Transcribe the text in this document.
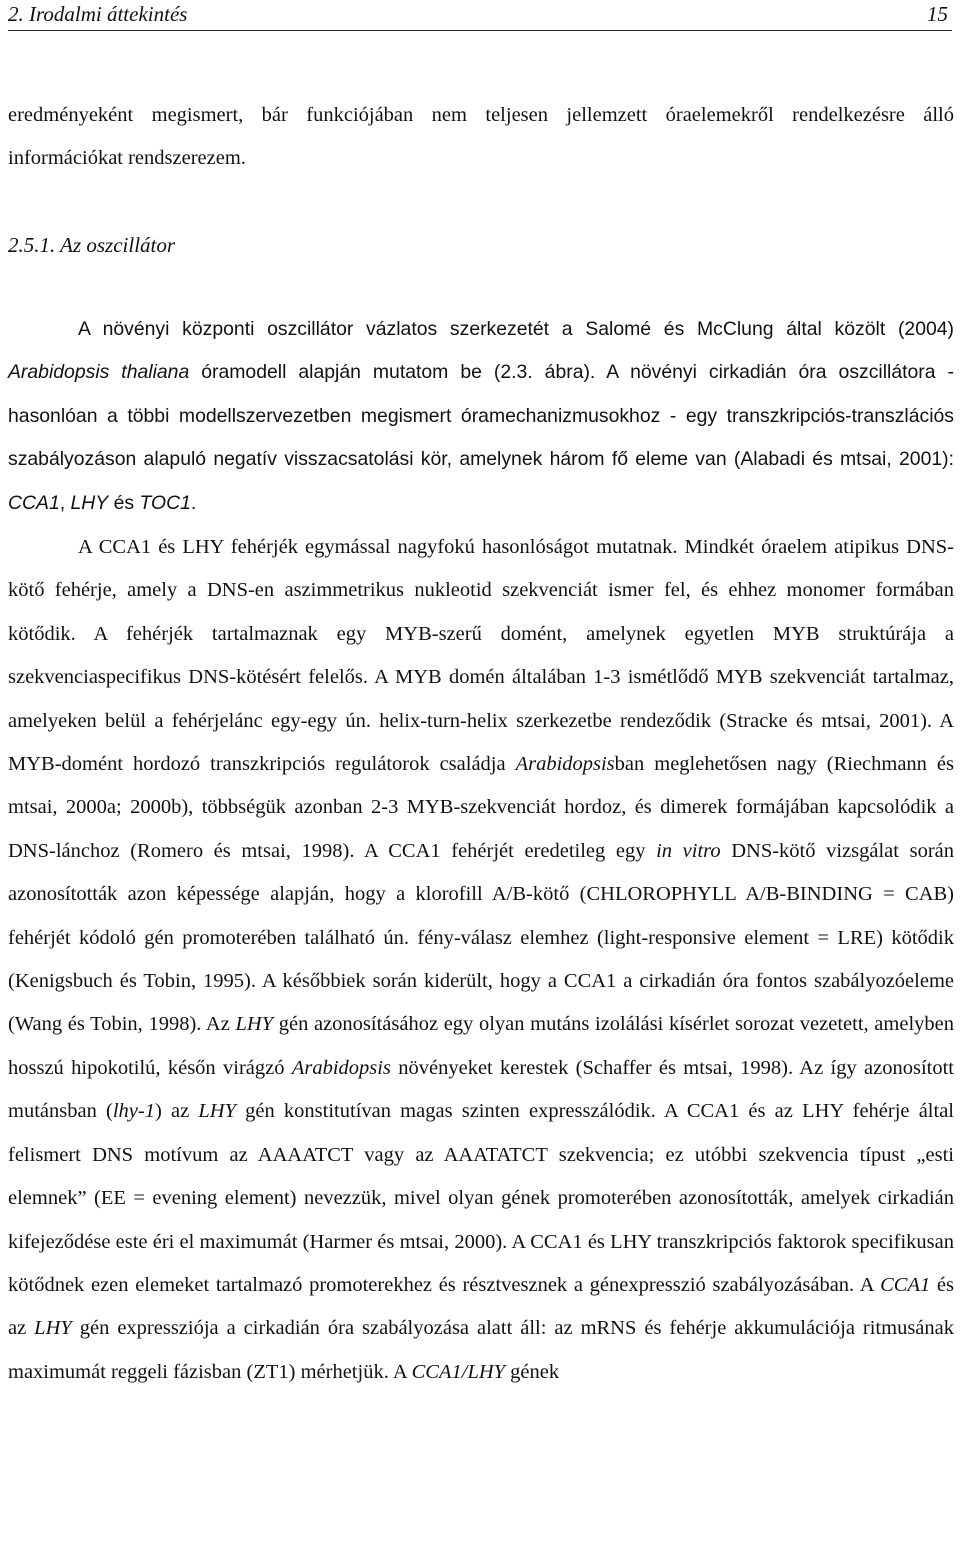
2. Irodalmi áttekintés	15
eredményeként megismert, bár funkciójában nem teljesen jellemzett óraelemekről rendelkezésre álló információkat rendszerezem.
2.5.1. Az oszcillátor
A növényi központi oszcillátor vázlatos szerkezetét a Salomé és McClung által közölt (2004) Arabidopsis thaliana óramodell alapján mutatom be (2.3. ábra). A növényi cirkadián óra oszcillátora - hasonlóan a többi modellszervezetben megismert óramechanizmusokhoz - egy transzkripciós-transzlációs szabályozáson alapuló negatív visszacsatolási kör, amelynek három fő eleme van (Alabadi és mtsai, 2001): CCA1, LHY és TOC1.
A CCA1 és LHY fehérjék egymással nagyfokú hasonlóságot mutatnak. Mindkét óraelem atipikus DNS-kötő fehérje, amely a DNS-en aszimmetrikus nukleotid szekvenciát ismer fel, és ehhez monomer formában kötődik. A fehérjék tartalmaznak egy MYB-szerű domént, amelynek egyetlen MYB struktúrája a szekvenciaspecifikus DNS-kötésért felelős. A MYB domén általában 1-3 ismétlődő MYB szekvenciát tartalmaz, amelyeken belül a fehérjelánc egy-egy ún. helix-turn-helix szerkezetbe rendeződik (Stracke és mtsai, 2001). A MYB-domént hordozó transzkripciós regulátorok családja Arabidopsisban meglehetősen nagy (Riechmann és mtsai, 2000a; 2000b), többségük azonban 2-3 MYB-szekvenciát hordoz, és dimerek formájában kapcsolódik a DNS-lánchoz (Romero és mtsai, 1998). A CCA1 fehérjét eredetileg egy in vitro DNS-kötő vizsgálat során azonosították azon képessége alapján, hogy a klorofill A/B-kötő (CHLOROPHYLL A/B-BINDING = CAB) fehérjét kódoló gén promoterében található ún. fény-válasz elemhez (light-responsive element = LRE) kötődik (Kenigsbuch és Tobin, 1995). A későbbiek során kiderült, hogy a CCA1 a cirkadián óra fontos szabályozóeleme (Wang és Tobin, 1998). Az LHY gén azonosításához egy olyan mutáns izolálási kísérlet sorozat vezetett, amelyben hosszú hipokotilú, későn virágzó Arabidopsis növényeket kerestek (Schaffer és mtsai, 1998). Az így azonosított mutánsban (lhy-1) az LHY gén konstitutívan magas szinten expresszálódik. A CCA1 és az LHY fehérje által felismert DNS motívum az AAAATCT vagy az AAATATCT szekvencia; ez utóbbi szekvencia típust „esti elemnek” (EE = evening element) nevezzük, mivel olyan gének promoterében azonosították, amelyek cirkadián kifejeződése este éri el maximumát (Harmer és mtsai, 2000). A CCA1 és LHY transzkripciós faktorok specifikusan kötődnek ezen elemeket tartalmazó promoterekhez és résztvesznek a génexpresszió szabályozásában. A CCA1 és az LHY gén expressziója a cirkadián óra szabályozása alatt áll: az mRNS és fehérje akkumulációja ritmusának maximumát reggeli fázisban (ZT1) mérhetjük. A CCA1/LHY gének
